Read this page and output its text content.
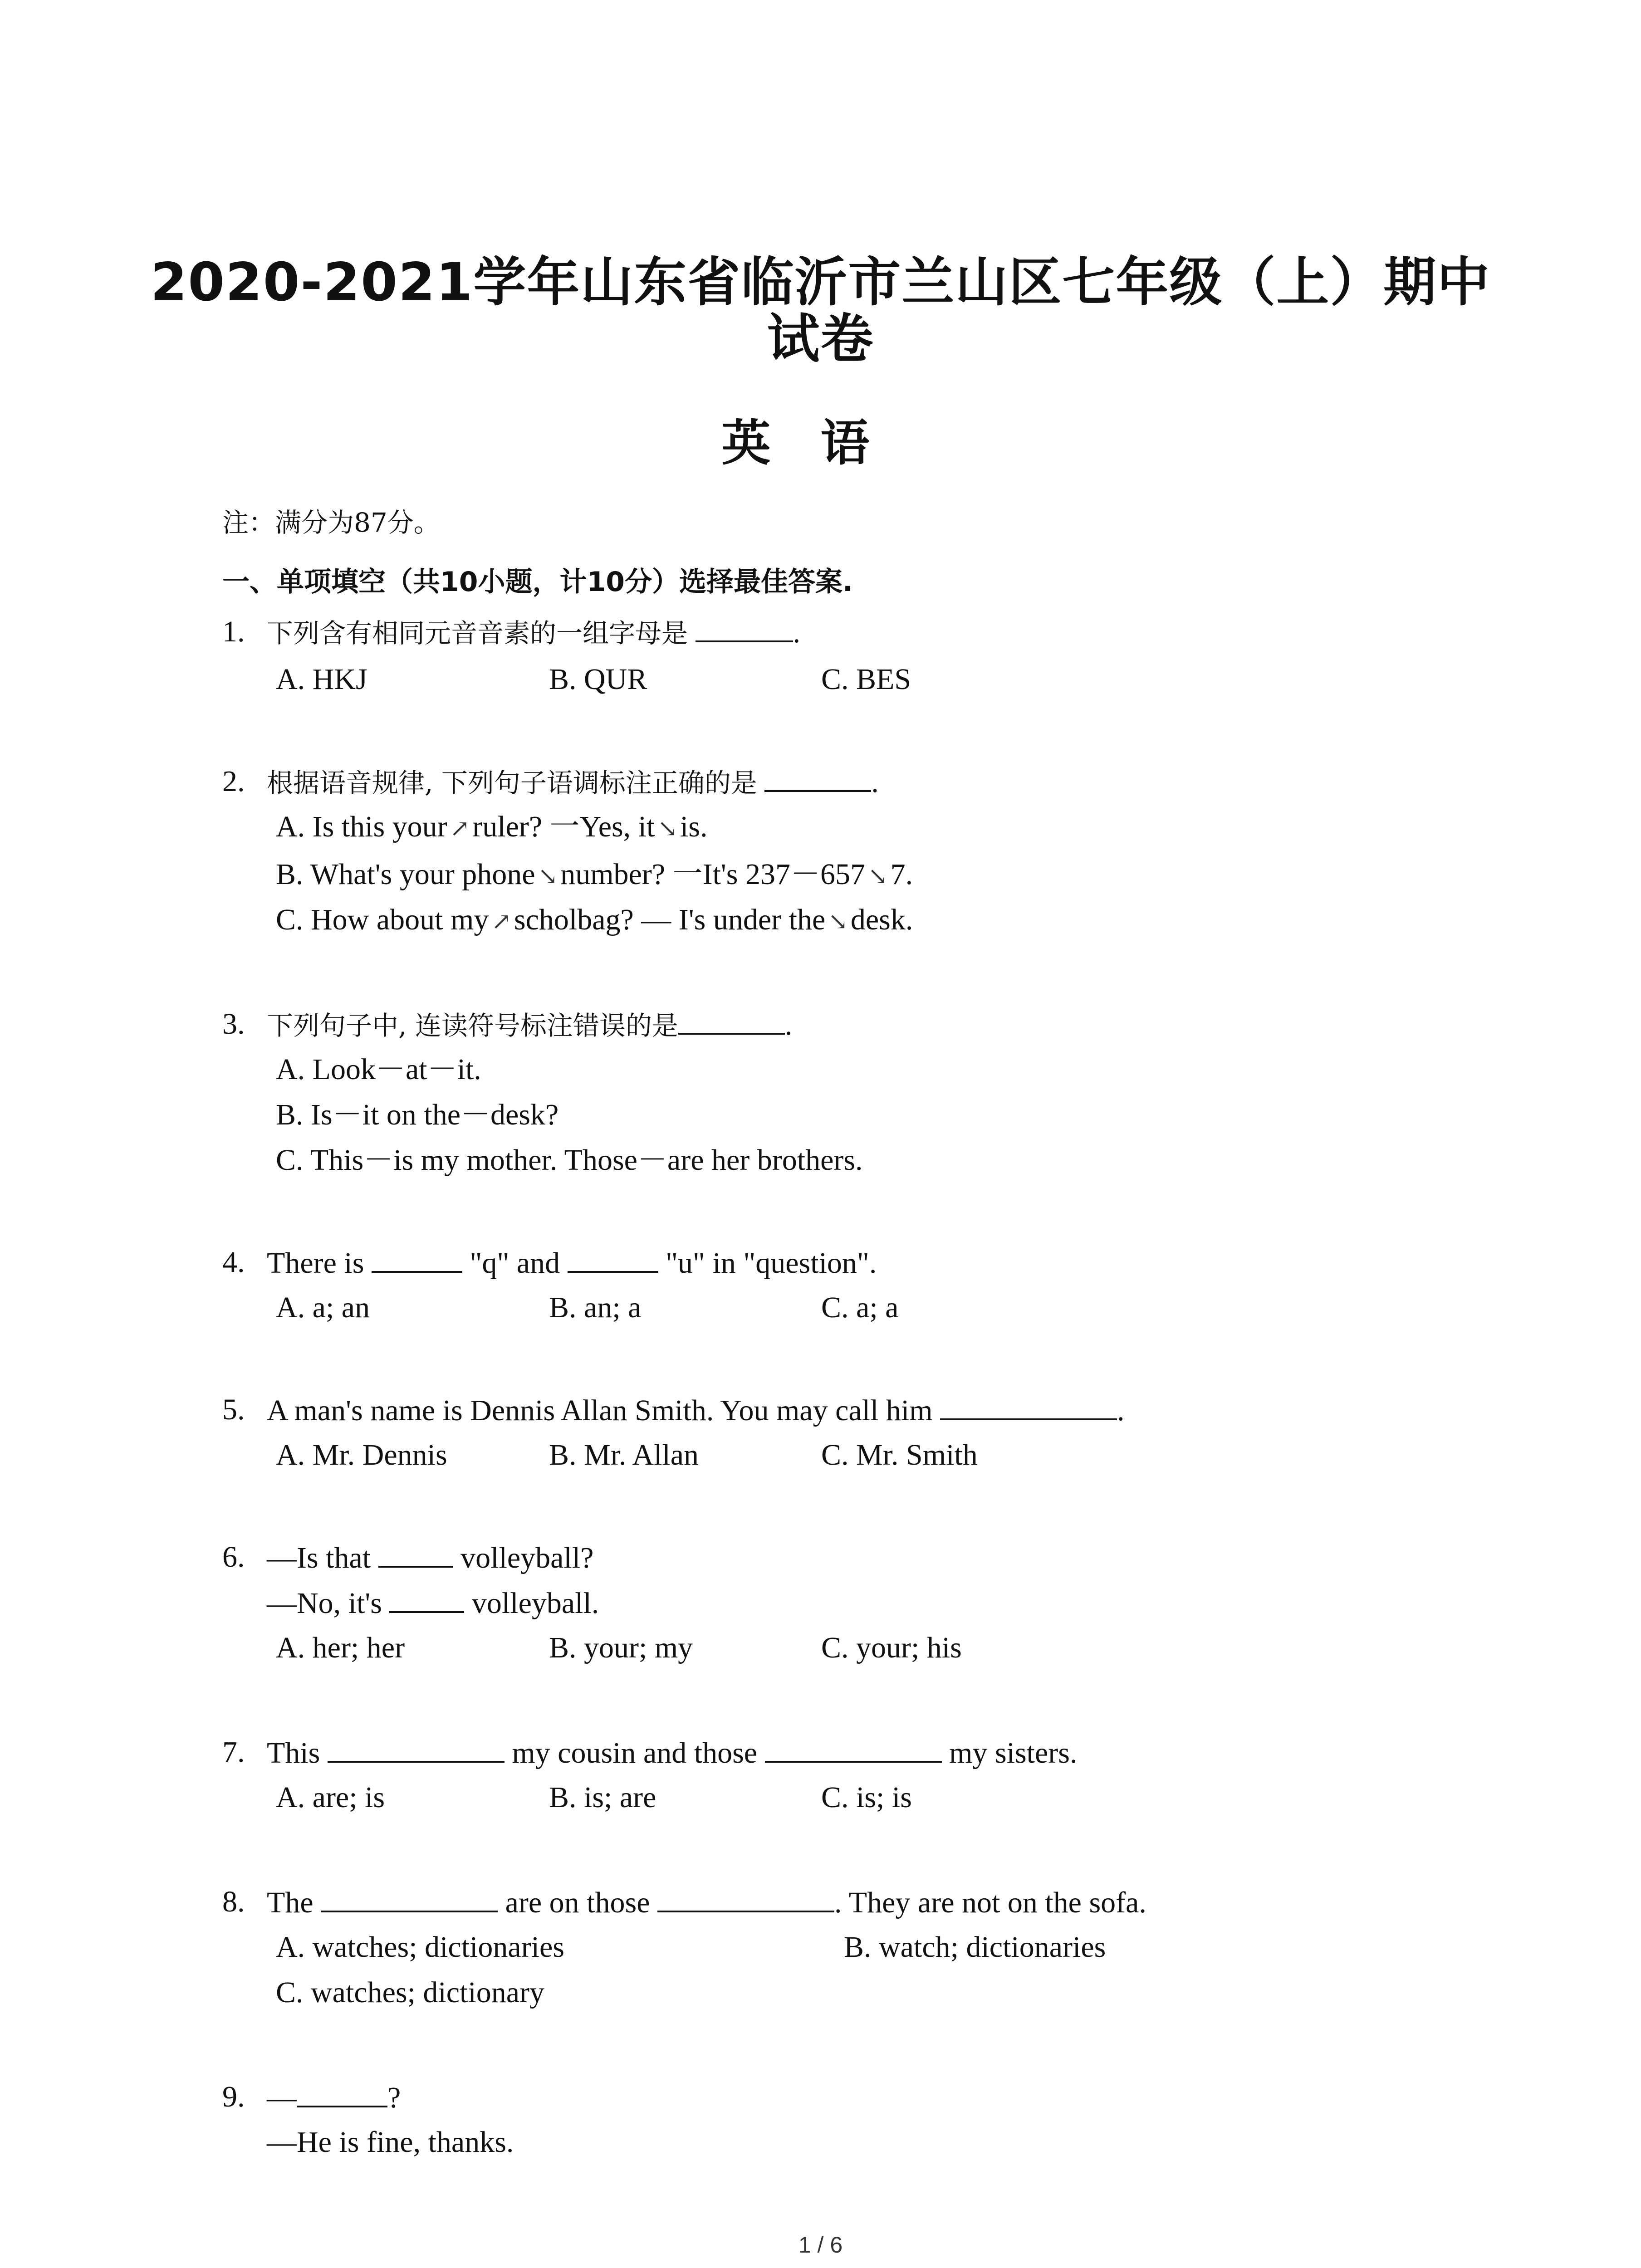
2020-2021学年山东省临沂市兰山区七年级（上）期中
试卷
英语
注：满分为87分。
一、单项填空（共10小题，计10分）选择最佳答案.
1. 下列含有相同元音音素的一组字母是	.
A. HKJ	B. QUR	C. BES
2. 根据语音规律, 下列句子语调标注正确的是	.
A. Is this your ↗ruler? 一Yes, it ↘is.
B. What's your phone ↘number? 一It's 237－657 ↘7.
C. How about my ↗scholbag? — I's under the ↘desk.
3. 下列句子中, 连读符号标注错误的是	.
A. Look－at－it.
B. Is－it on the－desk?
C. This－is my mother. Those－are her brothers.
4. There is	"q" and	"u" in "question".
A. a; an	B. an; a	C. a; a
5. A man's name is Dennis Allan Smith. You may call him	.
A. Mr. Dennis	B. Mr. Allan	C. Mr. Smith
6. —Is that	volleyball?
—No, it's	volleyball.
A. her; her	B. your; my	C. your; his
7. This	my cousin and those	my sisters.
A. are; is	B. is; are	C. is; is
8. The	are on those	. They are not on the sofa.
A. watches; dictionaries	B. watch; dictionaries
C. watches; dictionary
9. —	?
—He is fine, thanks.
1 / 6
